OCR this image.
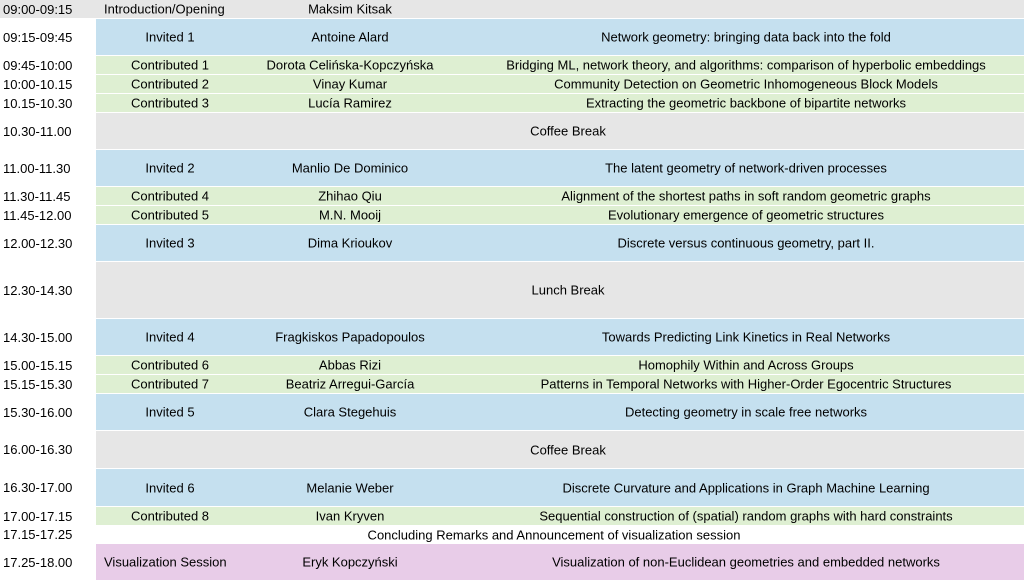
09:00-09:15	Introduction/Opening	Maksim Kitsak
09:15-09:45	Invited 1	Antoine Alard	Network geometry: bringing data back into the fold
09:45-10:00	Contributed 1	Dorota Celińska-Kopczyńska	Bridging ML, network theory, and algorithms: comparison of hyperbolic embeddings
10:00-10.15	Contributed 2	Vinay Kumar	Community Detection on Geometric Inhomogeneous Block Models
10.15-10.30	Contributed 3	Lucía Ramirez	Extracting the geometric backbone of bipartite networks
10.30-11.00	Coffee Break
11.00-11.30	Invited 2	Manlio De Dominico	The latent geometry of network-driven processes
11.30-11.45	Contributed 4	Zhihao Qiu	Alignment of the shortest paths in soft random geometric graphs
11.45-12.00	Contributed 5	M.N. Mooij	Evolutionary emergence of geometric structures
12.00-12.30	Invited 3	Dima Krioukov	Discrete versus continuous geometry, part II.
12.30-14.30	Lunch Break
14.30-15.00	Invited 4	Fragkiskos Papadopoulos	Towards Predicting Link Kinetics in Real Networks
15.00-15.15	Contributed 6	Abbas Rizi	Homophily Within and Across Groups
15.15-15.30	Contributed 7	Beatriz Arregui-García	Patterns in Temporal Networks with Higher-Order Egocentric Structures
15.30-16.00	Invited 5	Clara Stegehuis	Detecting geometry in scale free networks
16.00-16.30	Coffee Break
16.30-17.00	Invited 6	Melanie Weber	Discrete Curvature and Applications in Graph Machine Learning
17.00-17.15	Contributed 8	Ivan Kryven	Sequential construction of (spatial) random graphs with hard constraints
17.15-17.25	Concluding Remarks and Announcement of visualization session
17.25-18.00	Visualization Session	Eryk Kopczyński	Visualization of non-Euclidean geometries and embedded networks
